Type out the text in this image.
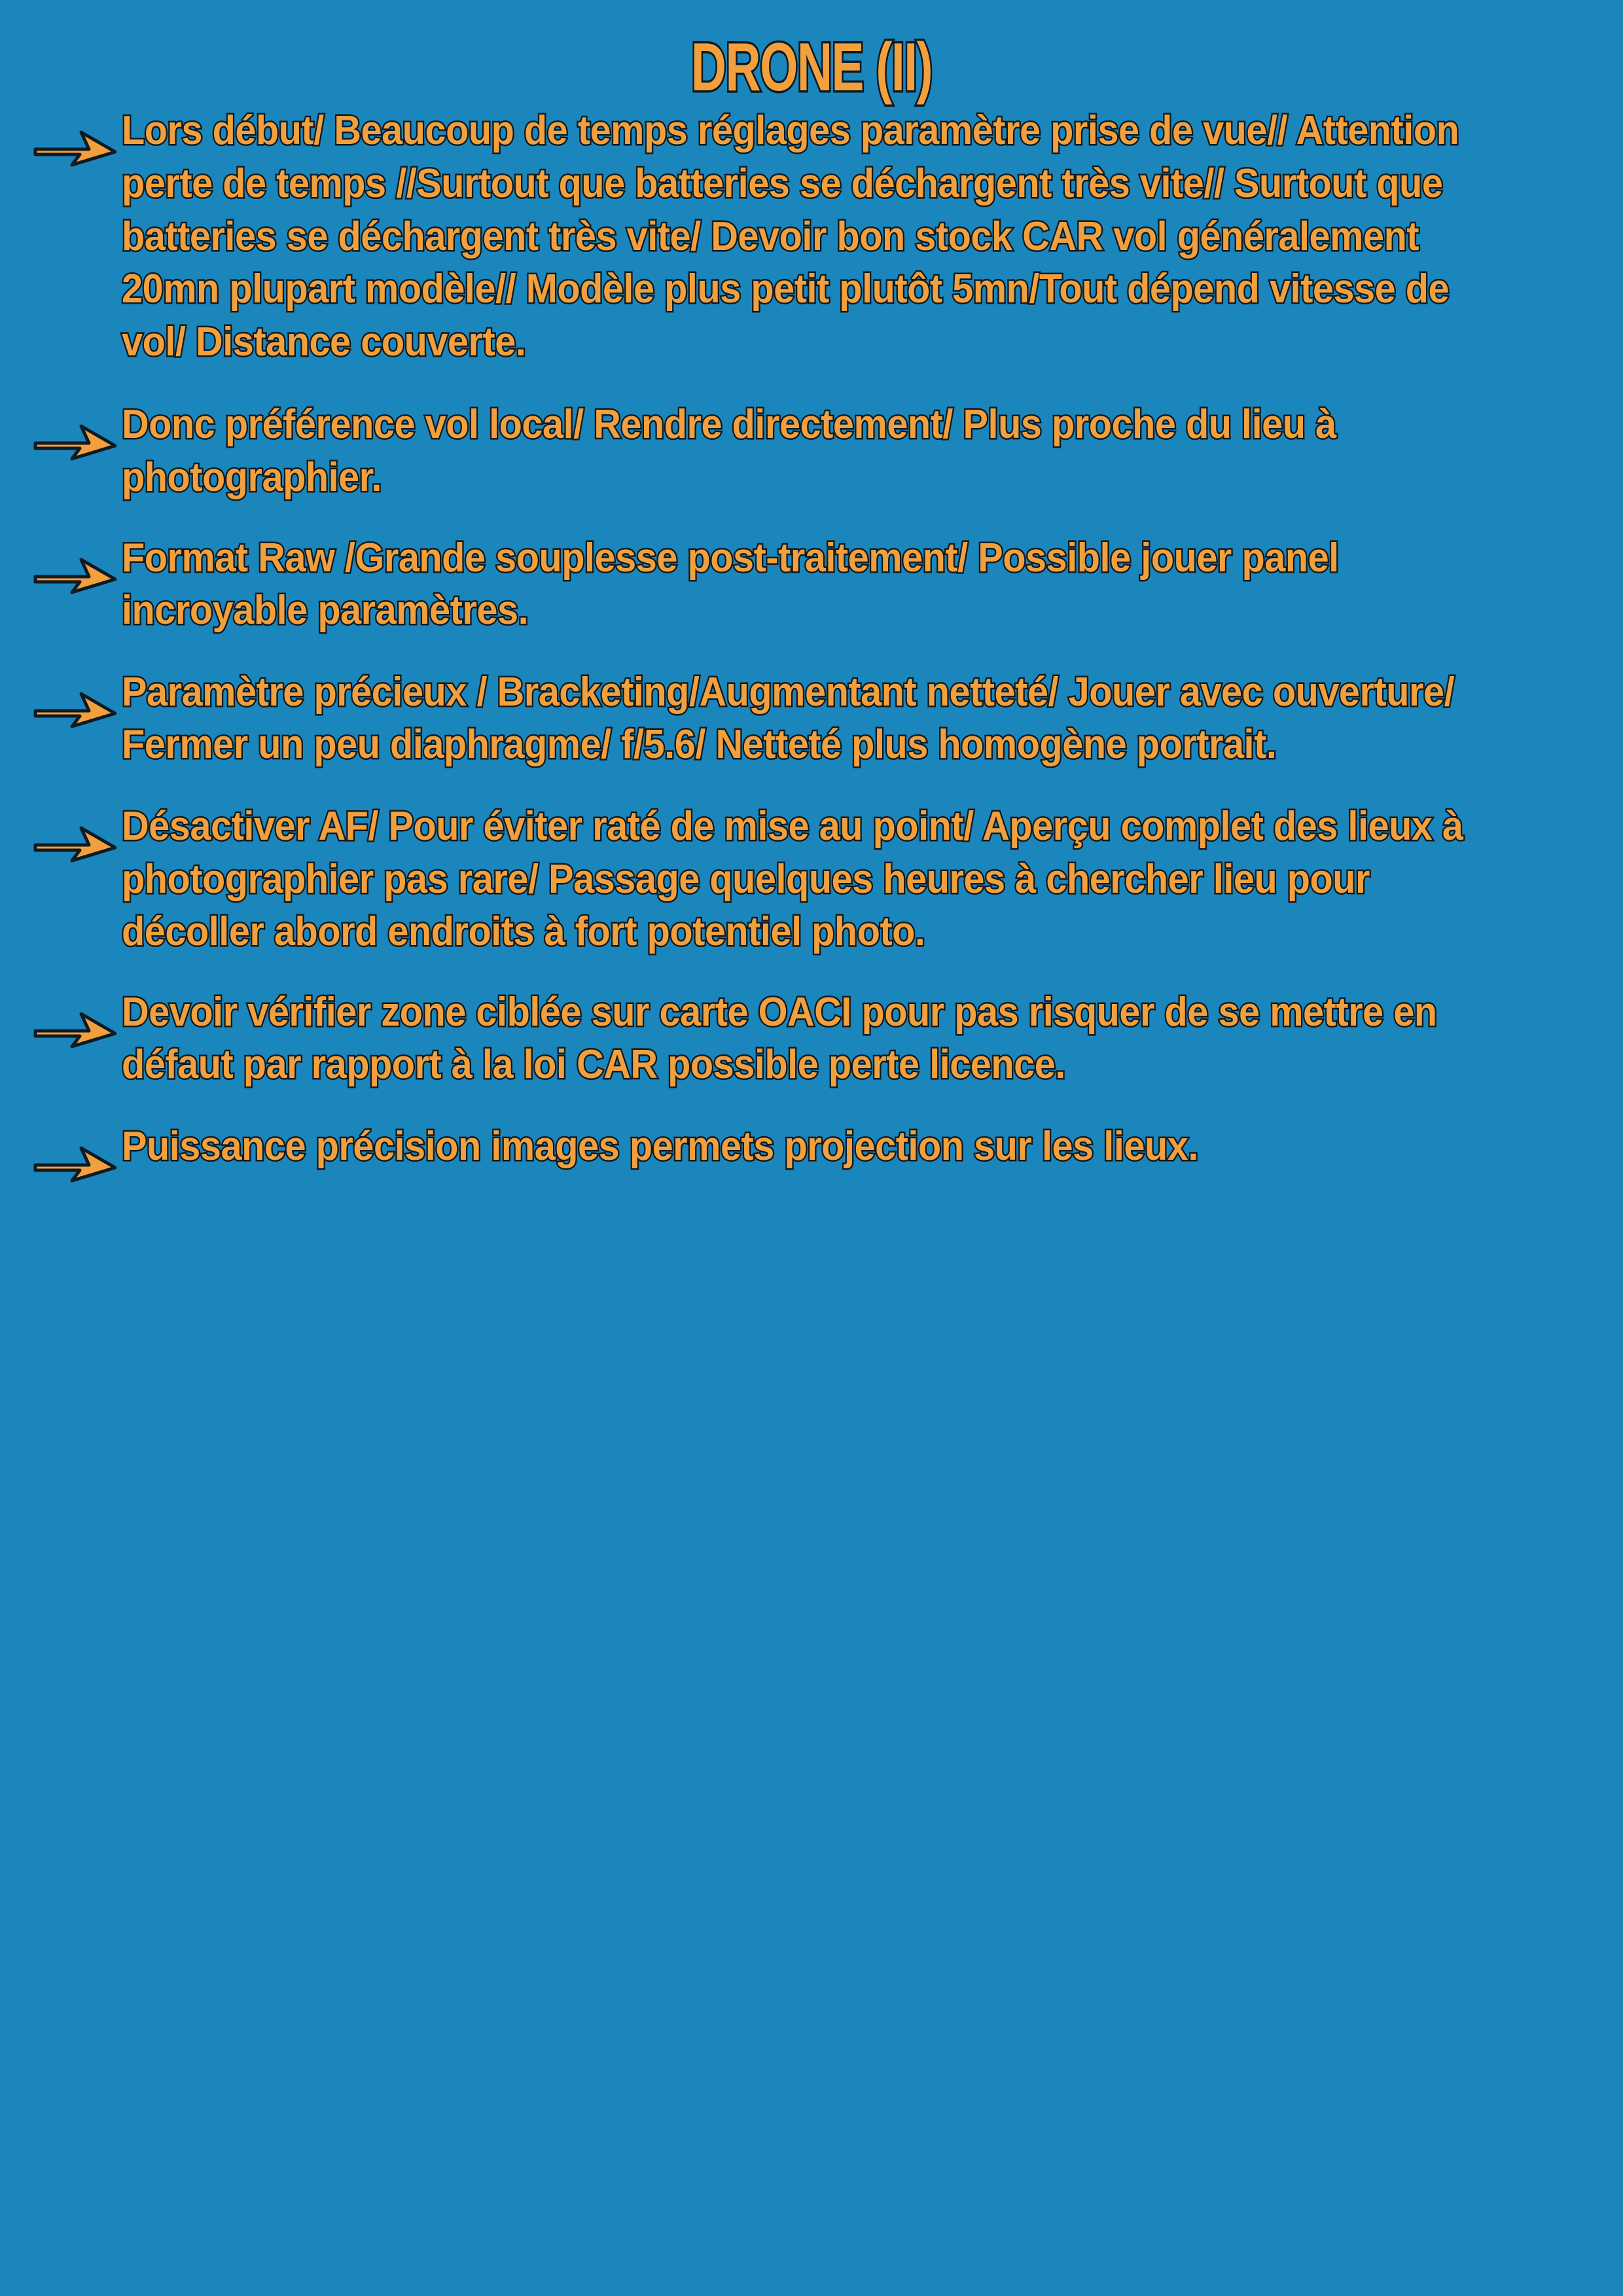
DRONE (II)
Lors début/ Beaucoup de temps réglages paramètre prise de vue// Attention perte de temps //Surtout que batteries se déchargent très vite// Surtout que batteries se déchargent très vite/ Devoir bon stock CAR vol généralement 20mn plupart modèle// Modèle plus petit plutôt 5mn/Tout dépend vitesse de vol/ Distance couverte.
Donc préférence vol local/ Rendre directement/ Plus proche du lieu à photographier.
Format Raw /Grande souplesse post-traitement/ Possible jouer panel incroyable paramètres.
Paramètre précieux / Bracketing/Augmentant netteté/ Jouer avec ouverture/ Fermer un peu diaphragme/ f/5.6/ Netteté plus homogène portrait.
Désactiver AF/ Pour éviter raté de mise au point/ Aperçu complet des lieux à photographier pas rare/ Passage quelques heures à chercher lieu pour décoller abord endroits à fort potentiel photo.
Devoir vérifier zone ciblée sur carte OACI pour pas risquer de se mettre en défaut par rapport à la loi CAR possible perte licence.
Puissance précision images permets projection sur les lieux.
